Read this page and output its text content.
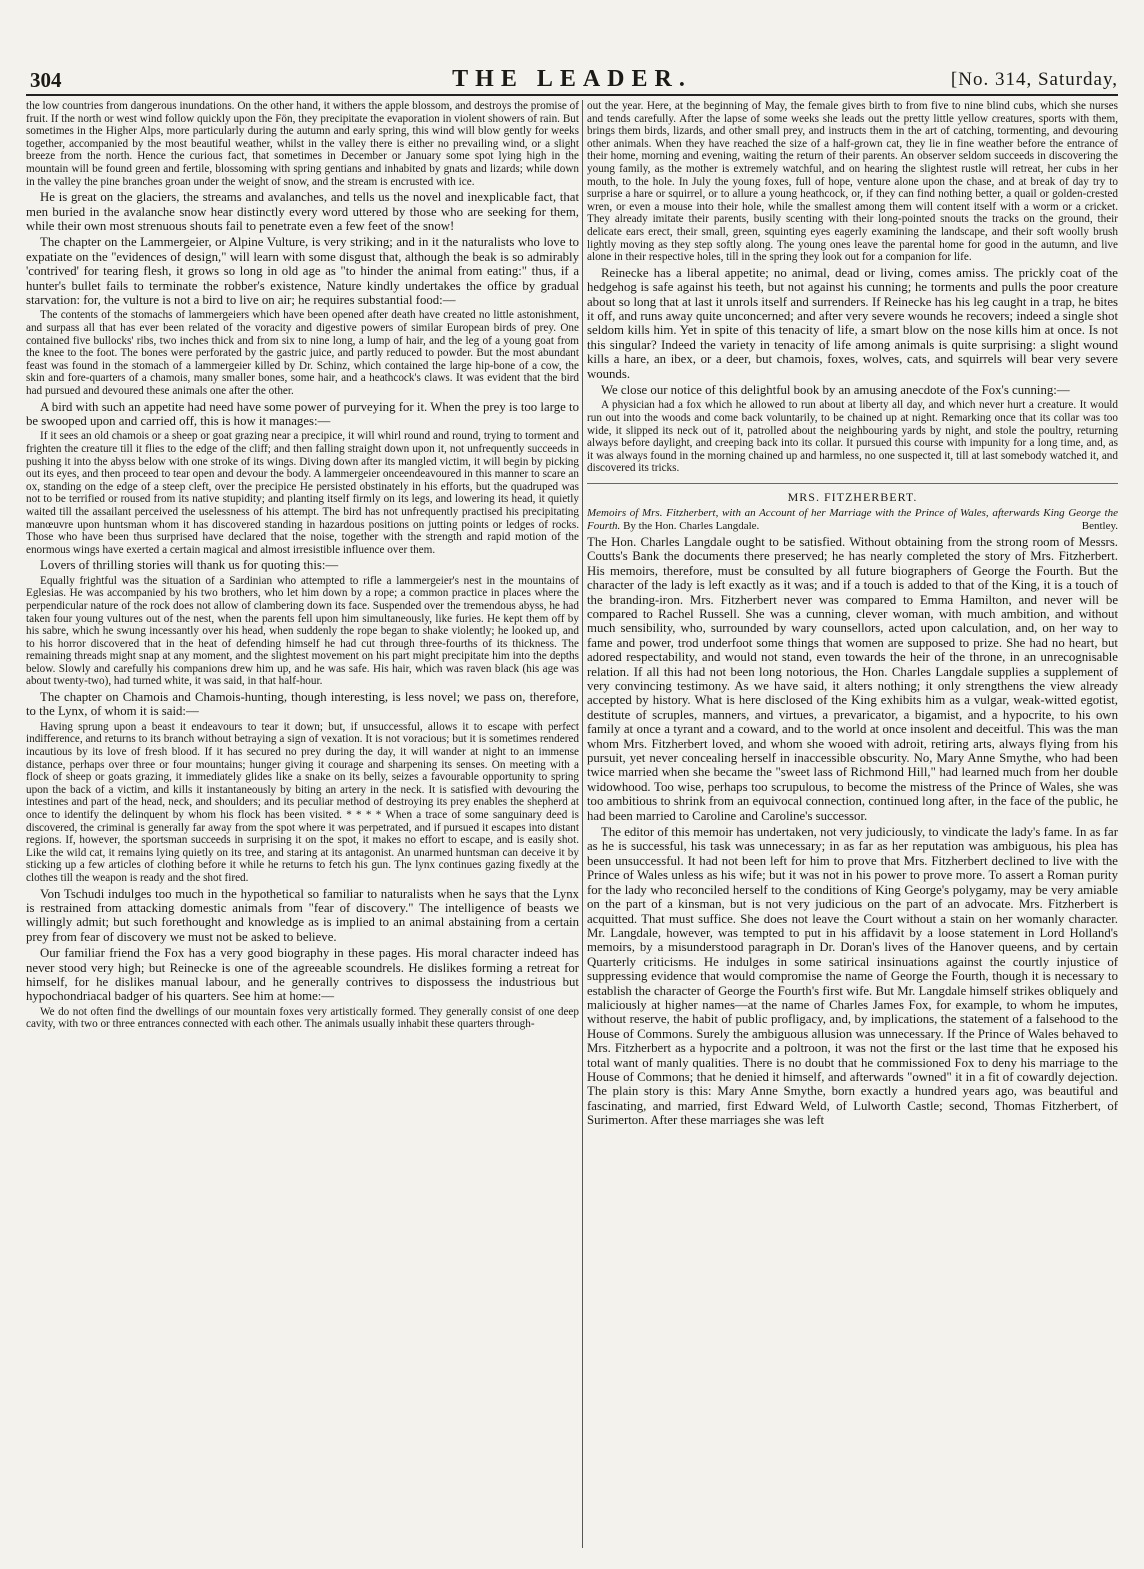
304	THE LEADER.	[No. 314, Saturday,

the low countries from dangerous inundations. On the other hand, it withers the apple blossom, and destroys the promise of fruit. If the north or west wind follow quickly upon the Fön, they precipitate the evaporation in violent showers of rain. But sometimes in the Higher Alps, more particularly during the autumn and early spring, this wind will blow gently for weeks together, accompanied by the most beautiful weather, whilst in the valley there is either no prevailing wind, or a slight breeze from the north. Hence the curious fact, that sometimes in December or January some spot lying high in the mountain will be found green and fertile, blossoming with spring gentians and inhabited by gnats and lizards; while down in the valley the pine branches groan under the weight of snow, and the stream is encrusted with ice.

He is great on the glaciers, the streams and avalanches, and tells us the novel and inexplicable fact, that men buried in the avalanche snow hear distinctly every word uttered by those who are seeking for them, while their own most strenuous shouts fail to penetrate even a few feet of the snow!

The chapter on the Lammergeier, or Alpine Vulture, is very striking; and in it the naturalists who love to expatiate on the "evidences of design," will learn with some disgust that, although the beak is so admirably 'contrived' for tearing flesh, it grows so long in old age as "to hinder the animal from eating:" thus, if a hunter's bullet fails to terminate the robber's existence, Nature kindly undertakes the office by gradual starvation: for, the vulture is not a bird to live on air; he requires substantial food:—

The contents of the stomachs of lammergeiers which have been opened after death have created no little astonishment, and surpass all that has ever been related of the voracity and digestive powers of similar European birds of prey. One contained five bullocks' ribs, two inches thick and from six to nine long, a lump of hair, and the leg of a young goat from the knee to the foot. The bones were perforated by the gastric juice, and partly reduced to powder. But the most abundant feast was found in the stomach of a lammergeier killed by Dr. Schinz, which contained the large hip-bone of a cow, the skin and fore-quarters of a chamois, many smaller bones, some hair, and a heathcock's claws. It was evident that the bird had pursued and devoured these animals one after the other.

A bird with such an appetite had need have some power of purveying for it. When the prey is too large to be swooped upon and carried off, this is how it manages:—

If it sees an old chamois or a sheep or goat grazing near a precipice, it will whirl round and round, trying to torment and frighten the creature till it flies to the edge of the cliff; and then falling straight down upon it, not unfrequently succeeds in pushing it into the abyss below with one stroke of its wings. Diving down after its mangled victim, it will begin by picking out its eyes, and then proceed to tear open and devour the body. A lammergeier onceendeavoured in this manner to scare an ox, standing on the edge of a steep cleft, over the precipice He persisted obstinately in his efforts, but the quadruped was not to be terrified or roused from its native stupidity; and planting itself firmly on its legs, and lowering its head, it quietly waited till the assailant perceived the uselessness of his attempt. The bird has not unfrequently practised his precipitating manœuvre upon huntsman whom it has discovered standing in hazardous positions on jutting points or ledges of rocks. Those who have been thus surprised have declared that the noise, together with the strength and rapid motion of the enormous wings have exerted a certain magical and almost irresistible influence over them.

Lovers of thrilling stories will thank us for quoting this:—

Equally frightful was the situation of a Sardinian who attempted to rifle a lammergeier's nest in the mountains of Eglesias. He was accompanied by his two brothers, who let him down by a rope; a common practice in places where the perpendicular nature of the rock does not allow of clambering down its face. Suspended over the tremendous abyss, he had taken four young vultures out of the nest, when the parents fell upon him simultaneously, like furies. He kept them off by his sabre, which he swung incessantly over his head, when suddenly the rope began to shake violently; he looked up, and to his horror discovered that in the heat of defending himself he had cut through three-fourths of its thickness. The remaining threads might snap at any moment, and the slightest movement on his part might precipitate him into the depths below. Slowly and carefully his companions drew him up, and he was safe. His hair, which was raven black (his age was about twenty-two), had turned white, it was said, in that half-hour.

The chapter on Chamois and Chamois-hunting, though interesting, is less novel; we pass on, therefore, to the Lynx, of whom it is said:—

Having sprung upon a beast it endeavours to tear it down; but, if unsuccessful, allows it to escape with perfect indifference, and returns to its branch without betraying a sign of vexation. It is not voracious; but it is sometimes rendered incautious by its love of fresh blood. If it has secured no prey during the day, it will wander at night to an immense distance, perhaps over three or four mountains; hunger giving it courage and sharpening its senses. On meeting with a flock of sheep or goats grazing, it immediately glides like a snake on its belly, seizes a favourable opportunity to spring upon the back of a victim, and kills it instantaneously by biting an artery in the neck. It is satisfied with devouring the intestines and part of the head, neck, and shoulders; and its peculiar method of destroying its prey enables the shepherd at once to identify the delinquent by whom his flock has been visited. * * * * When a trace of some sanguinary deed is discovered, the criminal is generally far away from the spot where it was perpetrated, and if pursued it escapes into distant regions. If, however, the sportsman succeeds in surprising it on the spot, it makes no effort to escape, and is easily shot. Like the wild cat, it remains lying quietly on its tree, and staring at its antagonist. An unarmed huntsman can deceive it by sticking up a few articles of clothing before it while he returns to fetch his gun. The lynx continues gazing fixedly at the clothes till the weapon is ready and the shot fired.

Von Tschudi indulges too much in the hypothetical so familiar to naturalists when he says that the Lynx is restrained from attacking domestic animals from "fear of discovery." The intelligence of beasts we willingly admit; but such forethought and knowledge as is implied to an animal abstaining from a certain prey from fear of discovery we must not be asked to believe.

Our familiar friend the Fox has a very good biography in these pages. His moral character indeed has never stood very high; but Reinecke is one of the agreeable scoundrels. He dislikes forming a retreat for himself, for he dislikes manual labour, and he generally contrives to dispossess the industrious but hypochondriacal badger of his quarters. See him at home:—

We do not often find the dwellings of our mountain foxes very artistically formed. They generally consist of one deep cavity, with two or three entrances connected with each other. The animals usually inhabit these quarters through-

out the year. Here, at the beginning of May, the female gives birth to from five to nine blind cubs, which she nurses and tends carefully. After the lapse of some weeks she leads out the pretty little yellow creatures, sports with them, brings them birds, lizards, and other small prey, and instructs them in the art of catching, tormenting, and devouring other animals. When they have reached the size of a half-grown cat, they lie in fine weather before the entrance of their home, morning and evening, waiting the return of their parents. An observer seldom succeeds in discovering the young family, as the mother is extremely watchful, and on hearing the slightest rustle will retreat, her cubs in her mouth, to the hole. In July the young foxes, full of hope, venture alone upon the chase, and at break of day try to surprise a hare or squirrel, or to allure a young heathcock, or, if they can find nothing better, a quail or golden-crested wren, or even a mouse into their hole, while the smallest among them will content itself with a worm or a cricket. They already imitate their parents, busily scenting with their long-pointed snouts the tracks on the ground, their delicate ears erect, their small, green, squinting eyes eagerly examining the landscape, and their soft woolly brush lightly moving as they step softly along. The young ones leave the parental home for good in the autumn, and live alone in their respective holes, till in the spring they look out for a companion for life.

Reinecke has a liberal appetite; no animal, dead or living, comes amiss. The prickly coat of the hedgehog is safe against his teeth, but not against his cunning; he torments and pulls the poor creature about so long that at last it unrols itself and surrenders. If Reinecke has his leg caught in a trap, he bites it off, and runs away quite unconcerned; and after very severe wounds he recovers; indeed a single shot seldom kills him. Yet in spite of this tenacity of life, a smart blow on the nose kills him at once. Is not this singular? Indeed the variety in tenacity of life among animals is quite surprising: a slight wound kills a hare, an ibex, or a deer, but chamois, foxes, wolves, cats, and squirrels will bear very severe wounds.

We close our notice of this delightful book by an amusing anecdote of the Fox's cunning:—

A physician had a fox which he allowed to run about at liberty all day, and which never hurt a creature. It would run out into the woods and come back voluntarily, to be chained up at night. Remarking once that its collar was too wide, it slipped its neck out of it, patrolled about the neighbouring yards by night, and stole the poultry, returning always before daylight, and creeping back into its collar. It pursued this course with impunity for a long time, and, as it was always found in the morning chained up and harmless, no one suspected it, till at last somebody watched it, and discovered its tricks.

MRS. FITZHERBERT.
Memoirs of Mrs. Fitzherbert, with an Account of her Marriage with the Prince of Wales, afterwards King George the Fourth. By the Hon. Charles Langdale.	Bentley.

The Hon. Charles Langdale ought to be satisfied. Without obtaining from the strong room of Messrs. Coutts's Bank the documents there preserved; he has nearly completed the story of Mrs. Fitzherbert. His memoirs, therefore, must be consulted by all future biographers of George the Fourth. But the character of the lady is left exactly as it was; and if a touch is added to that of the King, it is a touch of the branding-iron. Mrs. Fitzherbert never was compared to Emma Hamilton, and never will be compared to Rachel Russell. She was a cunning, clever woman, with much ambition, and without much sensibility, who, surrounded by wary counsellors, acted upon calculation, and, on her way to fame and power, trod underfoot some things that women are supposed to prize. She had no heart, but adored respectability, and would not stand, even towards the heir of the throne, in an unrecognisable relation. If all this had not been long notorious, the Hon. Charles Langdale supplies a supplement of very convincing testimony. As we have said, it alters nothing; it only strengthens the view already accepted by history. What is here disclosed of the King exhibits him as a vulgar, weak-witted egotist, destitute of scruples, manners, and virtues, a prevaricator, a bigamist, and a hypocrite, to his own family at once a tyrant and a coward, and to the world at once insolent and deceitful. This was the man whom Mrs. Fitzherbert loved, and whom she wooed with adroit, retiring arts, always flying from his pursuit, yet never concealing herself in inaccessible obscurity. No, Mary Anne Smythe, who had been twice married when she became the "sweet lass of Richmond Hill," had learned much from her double widowhood. Too wise, perhaps too scrupulous, to become the mistress of the Prince of Wales, she was too ambitious to shrink from an equivocal connection, continued long after, in the face of the public, he had been married to Caroline and Caroline's successor.

The editor of this memoir has undertaken, not very judiciously, to vindicate the lady's fame. In as far as he is successful, his task was unnecessary; in as far as her reputation was ambiguous, his plea has been unsuccessful. It had not been left for him to prove that Mrs. Fitzherbert declined to live with the Prince of Wales unless as his wife; but it was not in his power to prove more. To assert a Roman purity for the lady who reconciled herself to the conditions of King George's polygamy, may be very amiable on the part of a kinsman, but is not very judicious on the part of an advocate. Mrs. Fitzherbert is acquitted. That must suffice. She does not leave the Court without a stain on her womanly character. Mr. Langdale, however, was tempted to put in his affidavit by a loose statement in Lord Holland's memoirs, by a misunderstood paragraph in Dr. Doran's lives of the Hanover queens, and by certain Quarterly criticisms. He indulges in some satirical insinuations against the courtly injustice of suppressing evidence that would compromise the name of George the Fourth, though it is necessary to establish the character of George the Fourth's first wife. But Mr. Langdale himself strikes obliquely and maliciously at higher names—at the name of Charles James Fox, for example, to whom he imputes, without reserve, the habit of public profligacy, and, by implications, the statement of a falsehood to the House of Commons. Surely the ambiguous allusion was unnecessary. If the Prince of Wales behaved to Mrs. Fitzherbert as a hypocrite and a poltroon, it was not the first or the last time that he exposed his total want of manly qualities. There is no doubt that he commissioned Fox to deny his marriage to the House of Commons; that he denied it himself, and afterwards "owned" it in a fit of cowardly dejection. The plain story is this: Mary Anne Smythe, born exactly a hundred years ago, was beautiful and fascinating, and married, first Edward Weld, of Lulworth Castle; second, Thomas Fitzherbert, of Surimerton. After these marriages she was left
